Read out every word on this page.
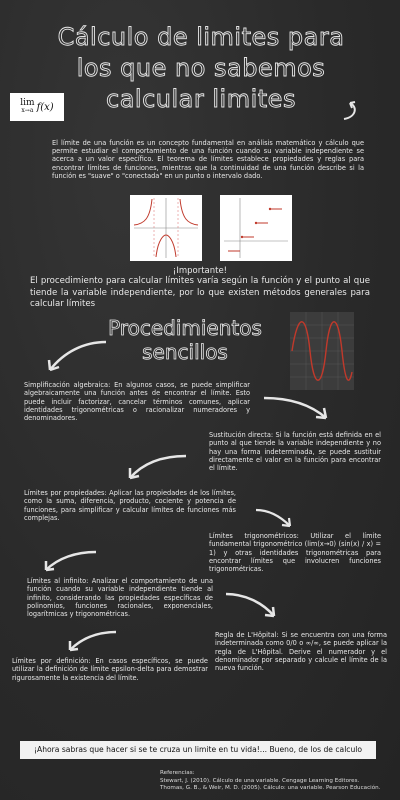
Cálculo de limites para los que no sabemos calcular limites
lim
x→a f(x)
El límite de una función es un concepto fundamental en análisis matemático y cálculo que permite estudiar el comportamiento de una función cuando su variable independiente se acerca a un valor específico. El teorema de límites establece propiedades y reglas para encontrar límites de funciones, mientras que la continuidad de una función describe si la función es "suave" o "conectada" en un punto o intervalo dado.
¡Importante!
El procedimiento para calcular límites varía según la función y el punto al que tiende la variable independiente, por lo que existen métodos generales para calcular límites
Procedimientos sencillos
Simplificación algebraica: En algunos casos, se puede simplificar algebraicamente una función antes de encontrar el límite. Esto puede incluir factorizar, cancelar términos comunes, aplicar identidades trigonométricas o racionalizar numeradores y denominadores.
Sustitución directa: Si la función está definida en el punto al que tiende la variable independiente y no hay una forma indeterminada, se puede sustituir directamente el valor en la función para encontrar el límite.
Límites por propiedades: Aplicar las propiedades de los límites, como la suma, diferencia, producto, cociente y potencia de funciones, para simplificar y calcular límites de funciones más complejas.
Límites trigonométricos: Utilizar el límite fundamental trigonométrico (lim(x→0) (sin(x) / x) = 1) y otras identidades trigonométricas para encontrar límites que involucren funciones trigonométricas.
Límites al infinito: Analizar el comportamiento de una función cuando su variable independiente tiende al infinito, considerando las propiedades específicas de polinomios, funciones racionales, exponenciales, logarítmicas y trigonométricas.
Regla de L'Hôpital: Si se encuentra con una forma indeterminada como 0/0 o ∞/∞, se puede aplicar la regla de L'Hôpital. Derive el numerador y el denominador por separado y calcule el límite de la nueva función.
Límites por definición: En casos específicos, se puede utilizar la definición de límite epsilon-delta para demostrar rigurosamente la existencia del límite.
¡Ahora sabras que hacer si se te cruza un limite en tu vida!... Bueno, de los de calculo
Referencias:
Stewart, J. (2010). Cálculo de una variable. Cengage Learning Editores.
Thomas, G. B., & Weir, M. D. (2005). Cálculo: una variable. Pearson Educación.
